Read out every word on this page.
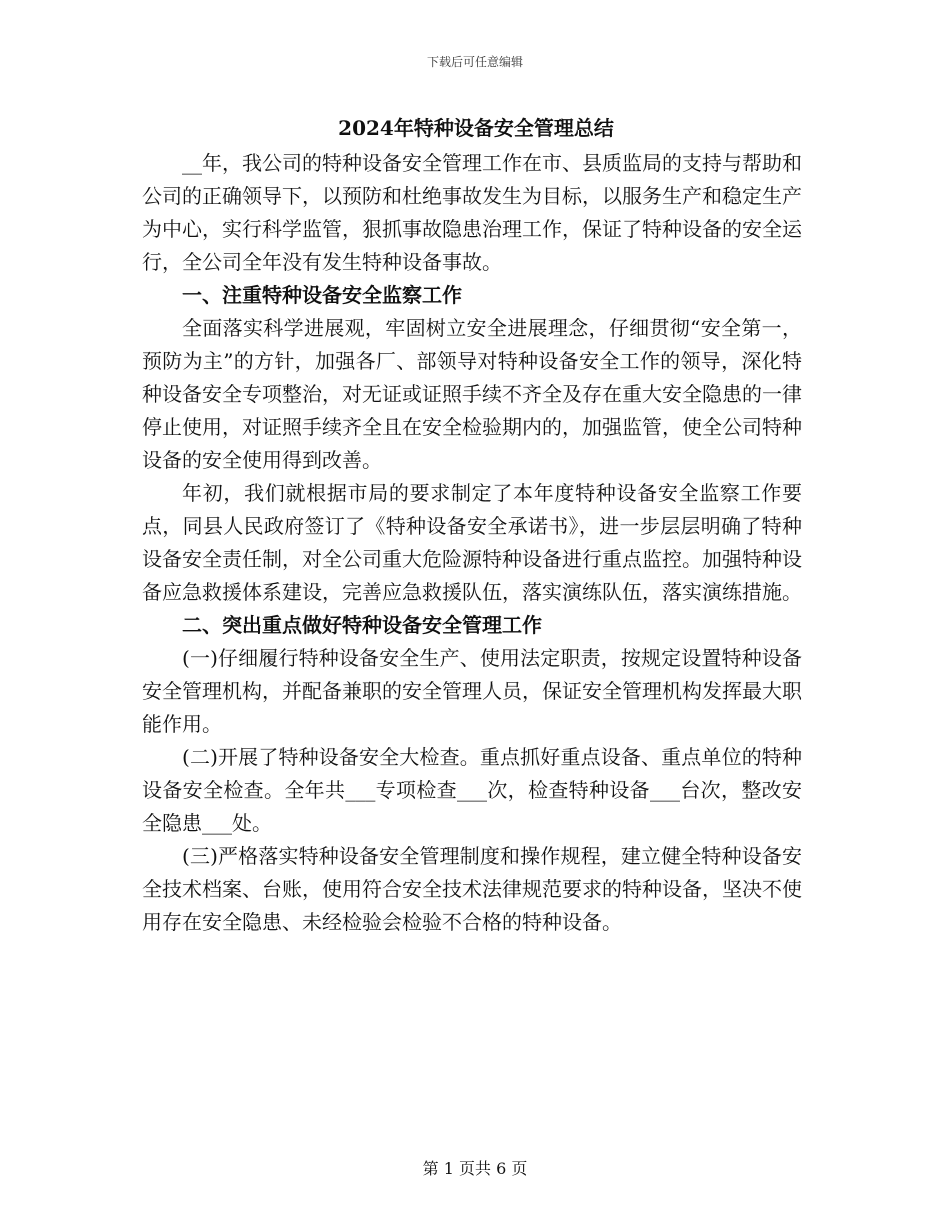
下载后可任意编辑
2024年特种设备安全管理总结

__年，我公司的特种设备安全管理工作在市、县质监局的支持与帮助和公司的正确领导下，以预防和杜绝事故发生为目标，以服务生产和稳定生产为中心，实行科学监管，狠抓事故隐患治理工作，保证了特种设备的安全运行，全公司全年没有发生特种设备事故。

一、注重特种设备安全监察工作

全面落实科学进展观，牢固树立安全进展理念，仔细贯彻“安全第一，预防为主”的方针，加强各厂、部领导对特种设备安全工作的领导，深化特种设备安全专项整治，对无证或证照手续不齐全及存在重大安全隐患的一律停止使用，对证照手续齐全且在安全检验期内的，加强监管，使全公司特种设备的安全使用得到改善。

年初，我们就根据市局的要求制定了本年度特种设备安全监察工作要点，同县人民政府签订了《特种设备安全承诺书》，进一步层层明确了特种设备安全责任制，对全公司重大危险源特种设备进行重点监控。加强特种设备应急救援体系建设，完善应急救援队伍，落实演练队伍，落实演练措施。

二、突出重点做好特种设备安全管理工作

(一)仔细履行特种设备安全生产、使用法定职责，按规定设置特种设备安全管理机构，并配备兼职的安全管理人员，保证安全管理机构发挥最大职能作用。

(二)开展了特种设备安全大检查。重点抓好重点设备、重点单位的特种设备安全检查。全年共___专项检查___次，检查特种设备___台次，整改安全隐患___处。

(三)严格落实特种设备安全管理制度和操作规程，建立健全特种设备安全技术档案、台账，使用符合安全技术法律规范要求的特种设备，坚决不使用存在安全隐患、未经检验会检验不合格的特种设备。

第 1 页共 6 页
